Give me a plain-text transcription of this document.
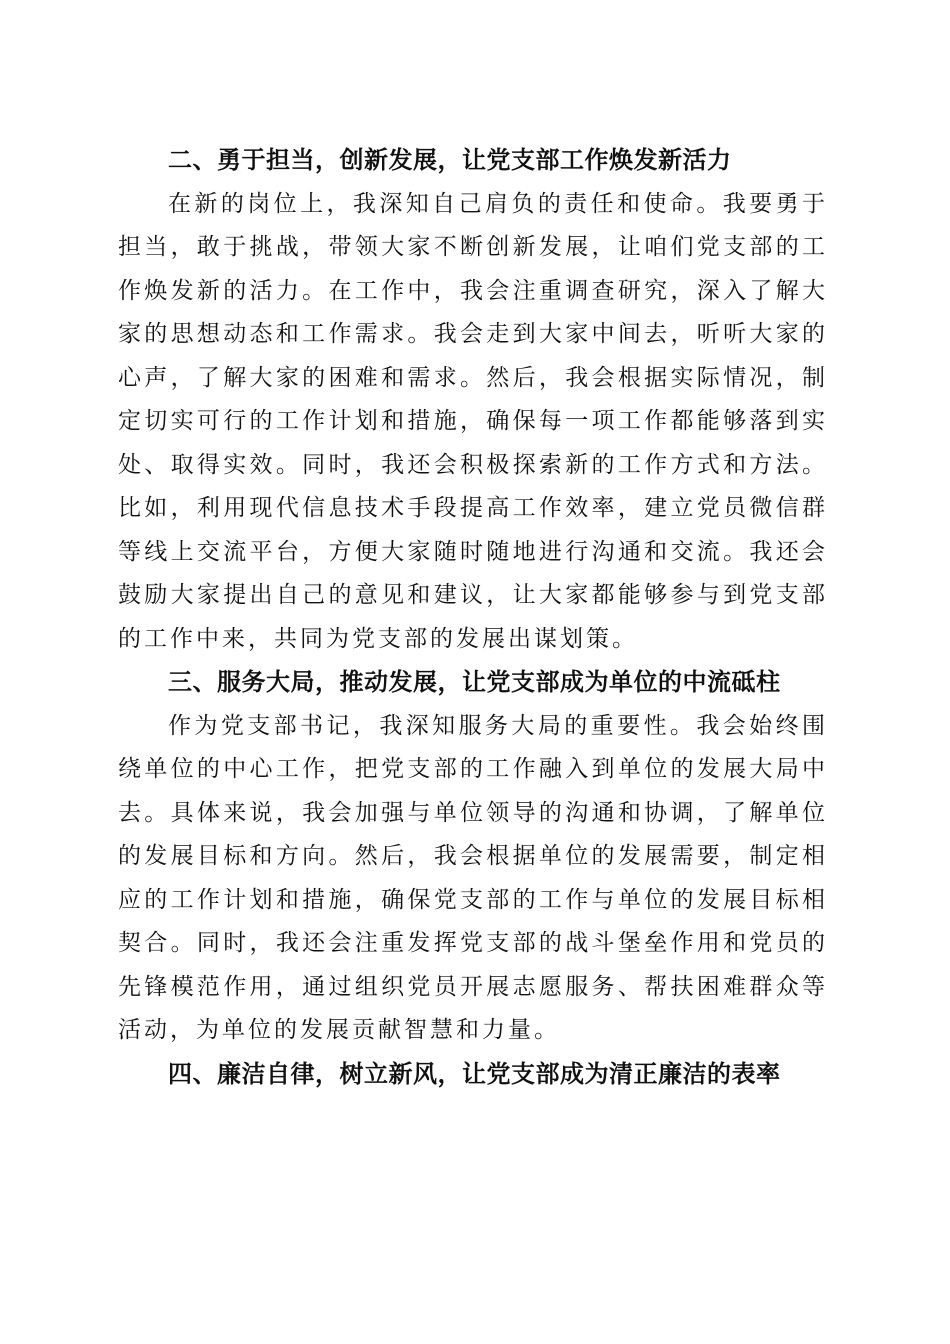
二、勇于担当，创新发展，让党支部工作焕发新活力

在新的岗位上，我深知自己肩负的责任和使命。我要勇于担当，敢于挑战，带领大家不断创新发展，让咱们党支部的工作焕发新的活力。在工作中，我会注重调查研究，深入了解大家的思想动态和工作需求。我会走到大家中间去，听听大家的心声，了解大家的困难和需求。然后，我会根据实际情况，制定切实可行的工作计划和措施，确保每一项工作都能够落到实处、取得实效。同时，我还会积极探索新的工作方式和方法。比如，利用现代信息技术手段提高工作效率，建立党员微信群等线上交流平台，方便大家随时随地进行沟通和交流。我还会鼓励大家提出自己的意见和建议，让大家都能够参与到党支部的工作中来，共同为党支部的发展出谋划策。

三、服务大局，推动发展，让党支部成为单位的中流砥柱

作为党支部书记，我深知服务大局的重要性。我会始终围绕单位的中心工作，把党支部的工作融入到单位的发展大局中去。具体来说，我会加强与单位领导的沟通和协调，了解单位的发展目标和方向。然后，我会根据单位的发展需要，制定相应的工作计划和措施，确保党支部的工作与单位的发展目标相契合。同时，我还会注重发挥党支部的战斗堡垒作用和党员的先锋模范作用，通过组织党员开展志愿服务、帮扶困难群众等活动，为单位的发展贡献智慧和力量。

四、廉洁自律，树立新风，让党支部成为清正廉洁的表率
